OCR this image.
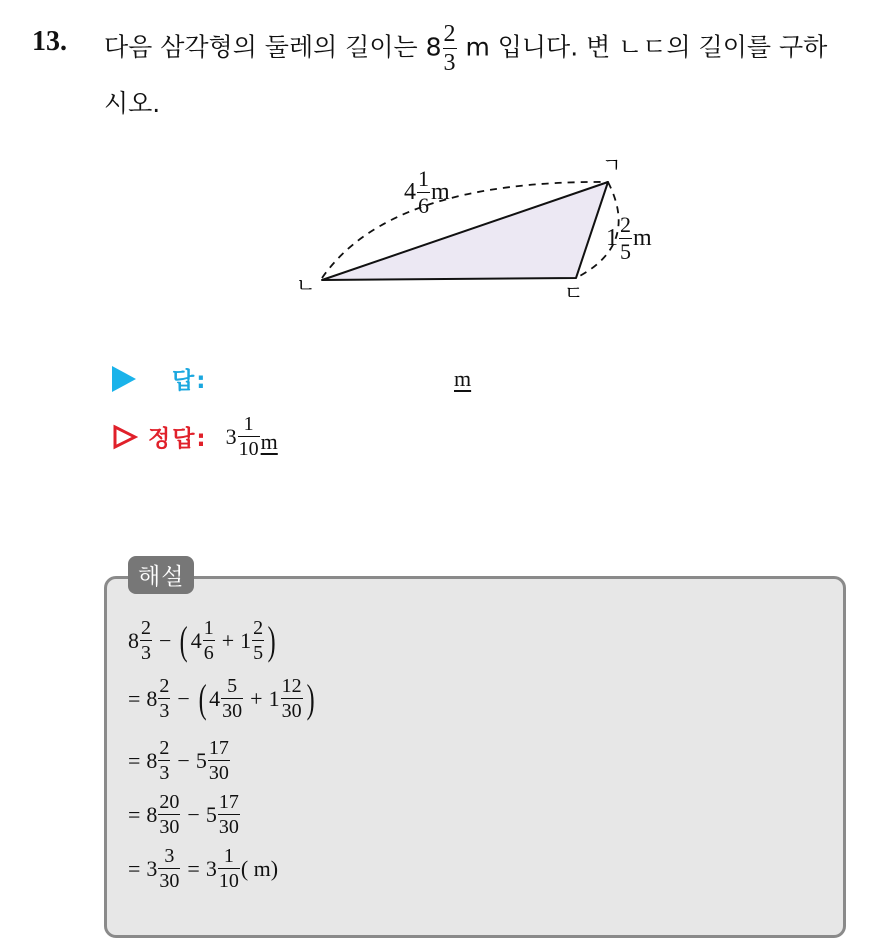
13. 다음 삼각형의 둘레의 길이는 $8 \frac{2}{3}$ m 입니다. 변 ㄴㄷ의 길이를 구하
시오.
ㄱ
ㄴ	ㄷ
$4 \frac{1}{6}$ m
$1 \frac{2}{5}$ m
답:	m
정답: $3 \frac{1}{10}$ m
해설
$8 \frac{2}{3}$ − ( $4 \frac{1}{6} + 1 \frac{2}{5}$ )
= $8 \frac{2}{3}$ − ( $4 \frac{5}{30} + 1 \frac{12}{30}$ )
= $8 \frac{2}{3} - 5 \frac{17}{30}$
= $8 \frac{20}{30} - 5 \frac{17}{30}$
= $3 \frac{3}{30} = 3 \frac{1}{10}$ ( m)
